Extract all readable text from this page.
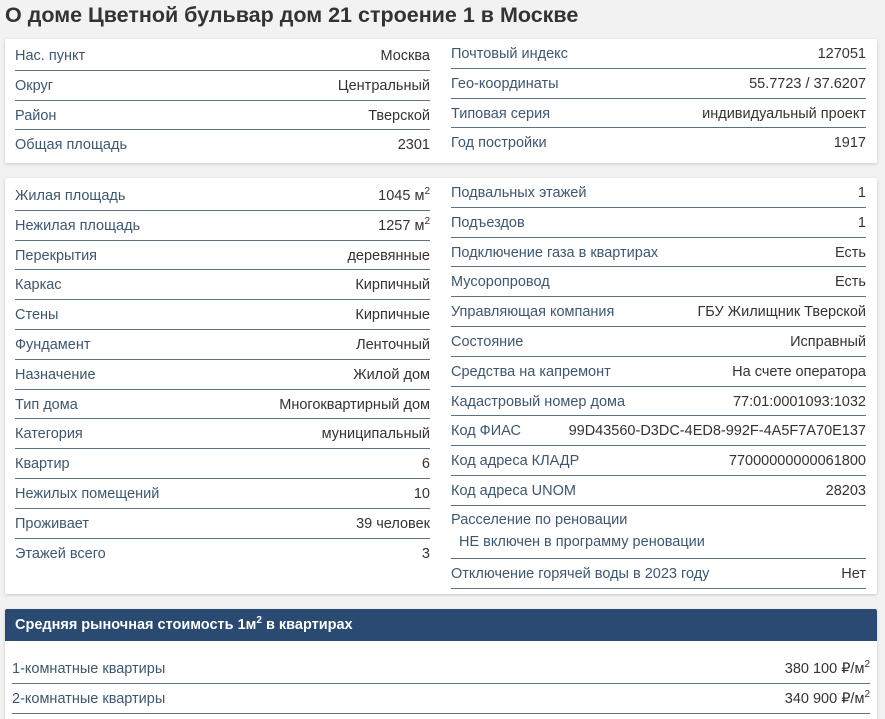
О доме Цветной бульвар дом 21 строение 1 в Москве
Нас. пункт	Москва
Округ	Центральный
Район	Тверской
Общая площадь	2301
Почтовый индекс	127051
Гео-координаты	55.7723 / 37.6207
Типовая серия	индивидуальный проект
Год постройки	1917
Жилая площадь	1045 $м^2$
Нежилая площадь	1257 $м^2$
Перекрытия	деревянные
Каркас	Кирпичный
Стены	Кирпичные
Фундамент	Ленточный
Назначение	Жилой дом
Тип дома	Многоквартирный дом
Категория	муниципальный
Квартир	6
Нежилых помещений	10
Проживает	39 человек
Этажей всего	3
Подвальных этажей	1
Подъездов	1
Подключение газа в квартирах	Есть
Мусоропровод	Есть
Управляющая компания	ГБУ Жилищник Тверской
Состояние	Исправный
Средства на капремонт	На счете оператора
Кадастровый номер дома	77:01:0001093:1032
Код ФИАС	99D43560-D3DC-4ED8-992F-4A5F7A70E137
Код адреса КЛАДР	77000000000061800
Код адреса UNOM	28203
Расселение по реновации
НЕ включен в программу реновации
Отключение горячей воды в 2023 году	Нет
Средняя рыночная стоимость $1м^2$ в квартирах
1-комнатные квартиры	380 100 $₽/м^2$
2-комнатные квартиры	340 900 $₽/м^2$
